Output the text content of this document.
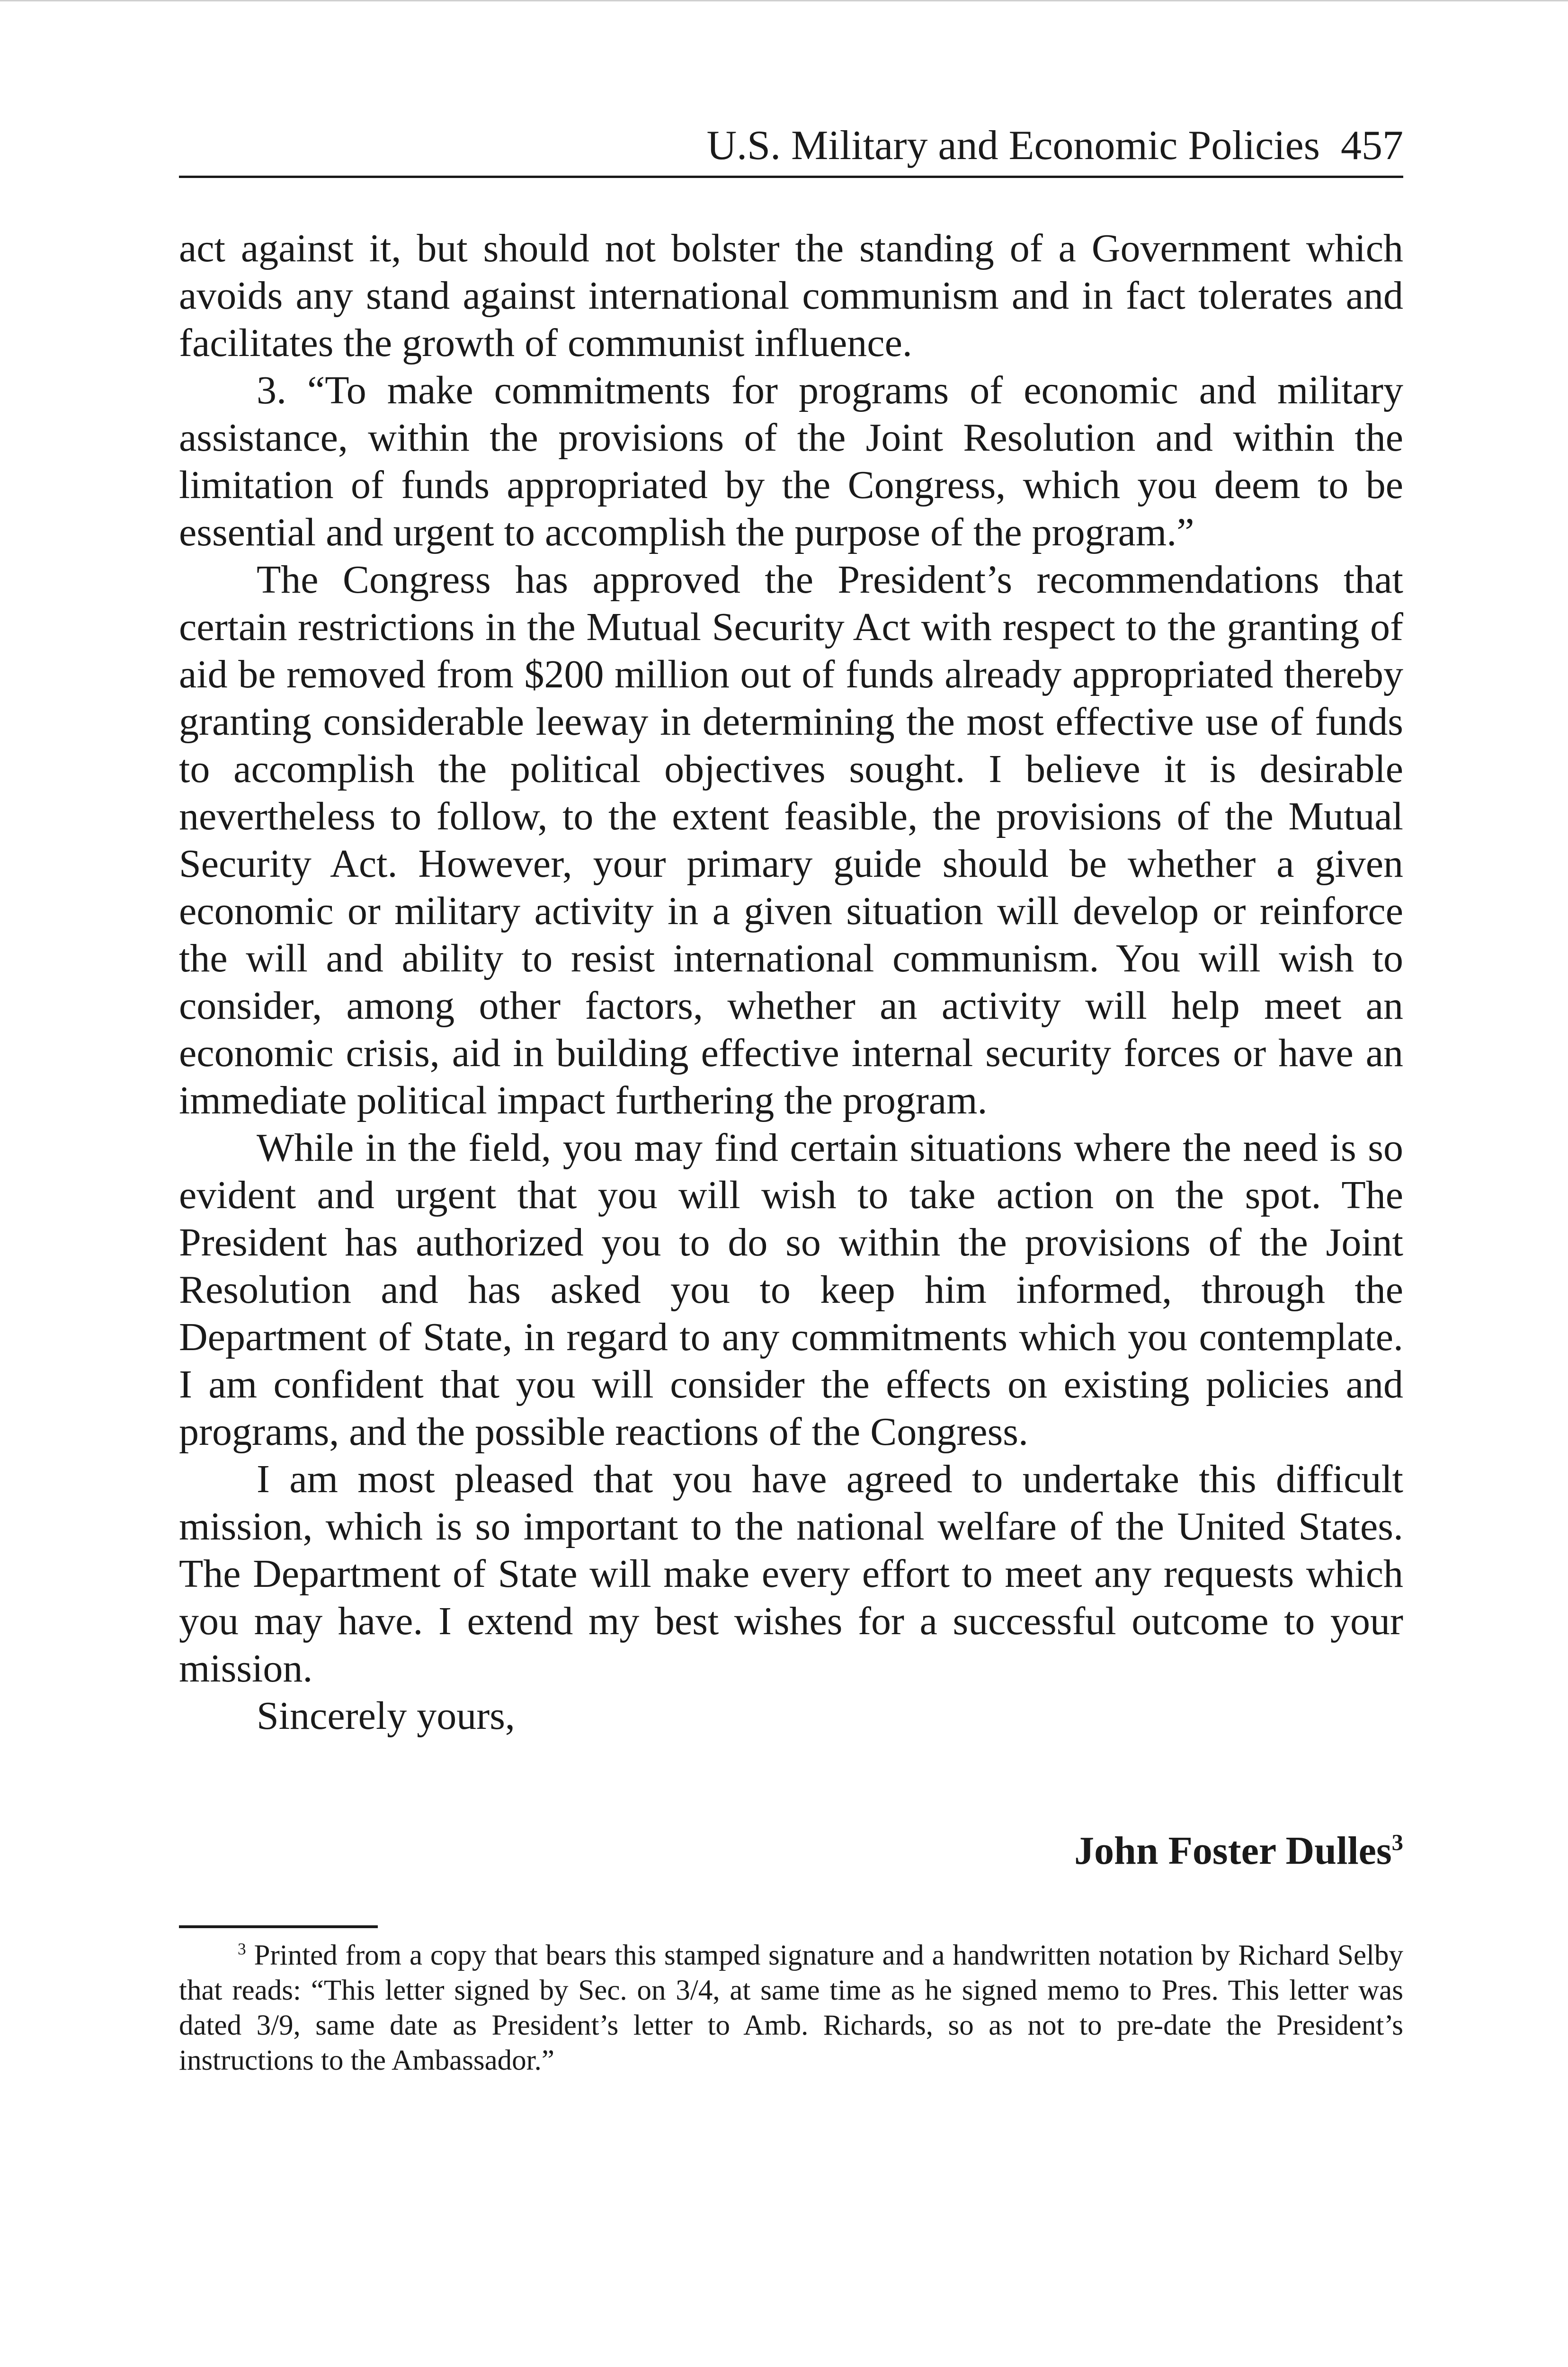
U.S. Military and Economic Policies 457

act against it, but should not bolster the standing of a Government which avoids any stand against international communism and in fact tolerates and facilitates the growth of communist influence.

3. “To make commitments for programs of economic and military assistance, within the provisions of the Joint Resolution and within the limitation of funds appropriated by the Congress, which you deem to be essential and urgent to accomplish the purpose of the program.”

The Congress has approved the President’s recommendations that certain restrictions in the Mutual Security Act with respect to the granting of aid be removed from $200 million out of funds already appropriated thereby granting considerable leeway in determining the most effective use of funds to accomplish the political objectives sought. I believe it is desirable nevertheless to follow, to the extent feasible, the provisions of the Mutual Security Act. However, your primary guide should be whether a given economic or military activity in a given situation will develop or reinforce the will and ability to resist international communism. You will wish to consider, among other factors, whether an activity will help meet an economic crisis, aid in building effective internal security forces or have an immediate political impact furthering the program.

While in the field, you may find certain situations where the need is so evident and urgent that you will wish to take action on the spot. The President has authorized you to do so within the provisions of the Joint Resolution and has asked you to keep him informed, through the Department of State, in regard to any commitments which you contemplate. I am confident that you will consider the effects on existing policies and programs, and the possible reactions of the Congress.

I am most pleased that you have agreed to undertake this difficult mission, which is so important to the national welfare of the United States. The Department of State will make every effort to meet any requests which you may have. I extend my best wishes for a successful outcome to your mission.

Sincerely yours,

John Foster Dulles$^3$

$^3$ Printed from a copy that bears this stamped signature and a handwritten notation by Richard Selby that reads: “This letter signed by Sec. on 3/4, at same time as he signed memo to Pres. This letter was dated 3/9, same date as President’s letter to Amb. Richards, so as not to pre-date the President’s instructions to the Ambassador.”
